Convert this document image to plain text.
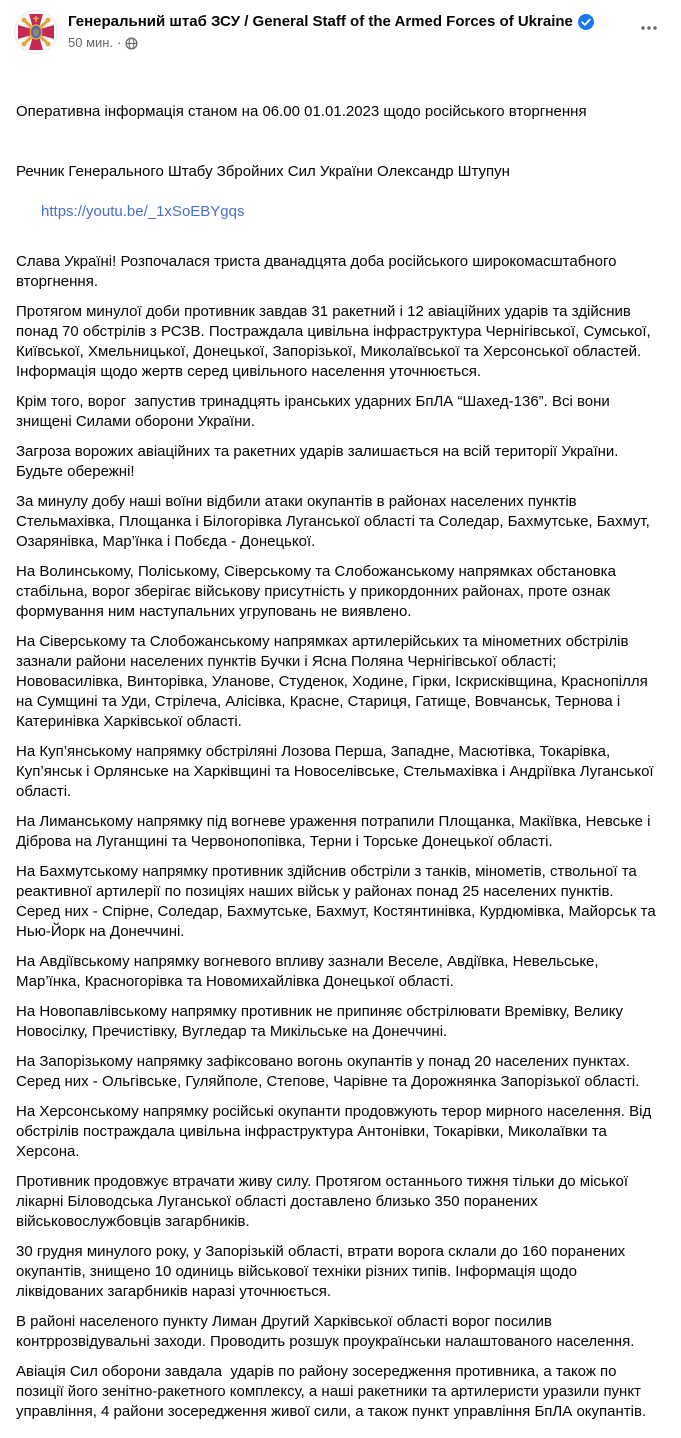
Генеральний штаб ЗСУ / General Staff of the Armed Forces of Ukraine
50 мин. ·

Оперативна інформація станом на 06.00 01.01.2023 щодо російського вторгнення

Речник Генерального Штабу Збройних Сил України Олександр Штупун

https://youtu.be/_1xSoEBYgqs

Слава Україні! Розпочалася триста дванадцята доба російського широкомасштабного вторгнення.

Протягом минулої доби противник завдав 31 ракетний і 12 авіаційних ударів та здійснив понад 70 обстрілів з РСЗВ. Постраждала цивільна інфраструктура Чернігівської, Сумської, Київської, Хмельницької, Донецької, Запорізької, Миколаївської та Херсонської областей. Інформація щодо жертв серед цивільного населення уточнюється.

Крім того, ворог  запустив тринадцять іранських ударних БпЛА “Шахед-136”. Всі вони знищені Силами оборони України.

Загроза ворожих авіаційних та ракетних ударів залишається на всій території України. Будьте обережні!

За минулу добу наші воїни відбили атаки окупантів в районах населених пунктів Стельмахівка, Площанка і Білогорівка Луганської області та Соледар, Бахмутське, Бахмут, Озарянівка, Мар’їнка і Побєда - Донецької.

На Волинському, Поліському, Сіверському та Слобожанському напрямках обстановка стабільна, ворог зберігає військову присутність у прикордонних районах, проте ознак формування ним наступальних угруповань не виявлено.

На Сіверському та Слобожанському напрямках артилерійських та мінометних обстрілів зазнали райони населених пунктів Бучки і Ясна Поляна Чернігівської області; Нововасилівка, Винторівка, Уланове, Студенок, Ходине, Гірки, Іскрисківщина, Краснопілля на Сумщині та Уди, Стрілеча, Алісівка, Красне, Стариця, Гатище, Вовчанськ, Тернова і Катеринівка Харківської області.

На Куп’янському напрямку обстріляні Лозова Перша, Западне, Масютівка, Токарівка, Куп’янськ і Орлянське на Харківщині та Новоселівське, Стельмахівка і Андріївка Луганської області.

На Лиманському напрямку під вогневе ураження потрапили Площанка, Макіївка, Невське і Діброва на Луганщині та Червонопопівка, Терни і Торське Донецької області.

На Бахмутському напрямку противник здійснив обстріли з танків, мінометів, ствольної та реактивної артилерії по позиціях наших військ у районах понад 25 населених пунктів.  Серед них - Спірне, Соледар, Бахмутське, Бахмут, Костянтинівка, Курдюмівка, Майорськ та Нью-Йорк на Донеччині.

На Авдіївському напрямку вогневого впливу зазнали Веселе, Авдіївка, Невельське, Мар’їнка, Красногорівка та Новомихайлівка Донецької області.

На Новопавлівському напрямку противник не припиняє обстрілювати Времівку, Велику Новосілку, Пречистівку, Вугледар та Микільське на Донеччині.

На Запорізькому напрямку зафіксовано вогонь окупантів у понад 20 населених пунктах. Серед них - Ольгівське, Гуляйполе, Степове, Чарівне та Дорожнянка Запорізької області.

На Херсонському напрямку російські окупанти продовжують терор мирного населення. Від обстрілів постраждала цивільна інфраструктура Антонівки, Токарівки, Миколаївки та Херсона.

Противник продовжує втрачати живу силу. Протягом останнього тижня тільки до міської лікарні Біловодська Луганської області доставлено близько 350 поранених військовослужбовців загарбників.

30 грудня минулого року, у Запорізькій області, втрати ворога склали до 160 поранених окупантів, знищено 10 одиниць військової техніки різних типів. Інформація щодо ліквідованих загарбників наразі уточнюється.

В районі населеного пункту Лиман Другий Харківської області ворог посилив контррозвідувальні заходи. Проводить розшук проукраїнськи налаштованого населення.

Авіація Сил оборони завдала  ударів по району зосередження противника, а також по позиції його зенітно-ракетного комплексу, а наші ракетники та артилеристи уразили пункт управління, 4 райони зосередження живої сили, а також пункт управління БпЛА окупантів.
